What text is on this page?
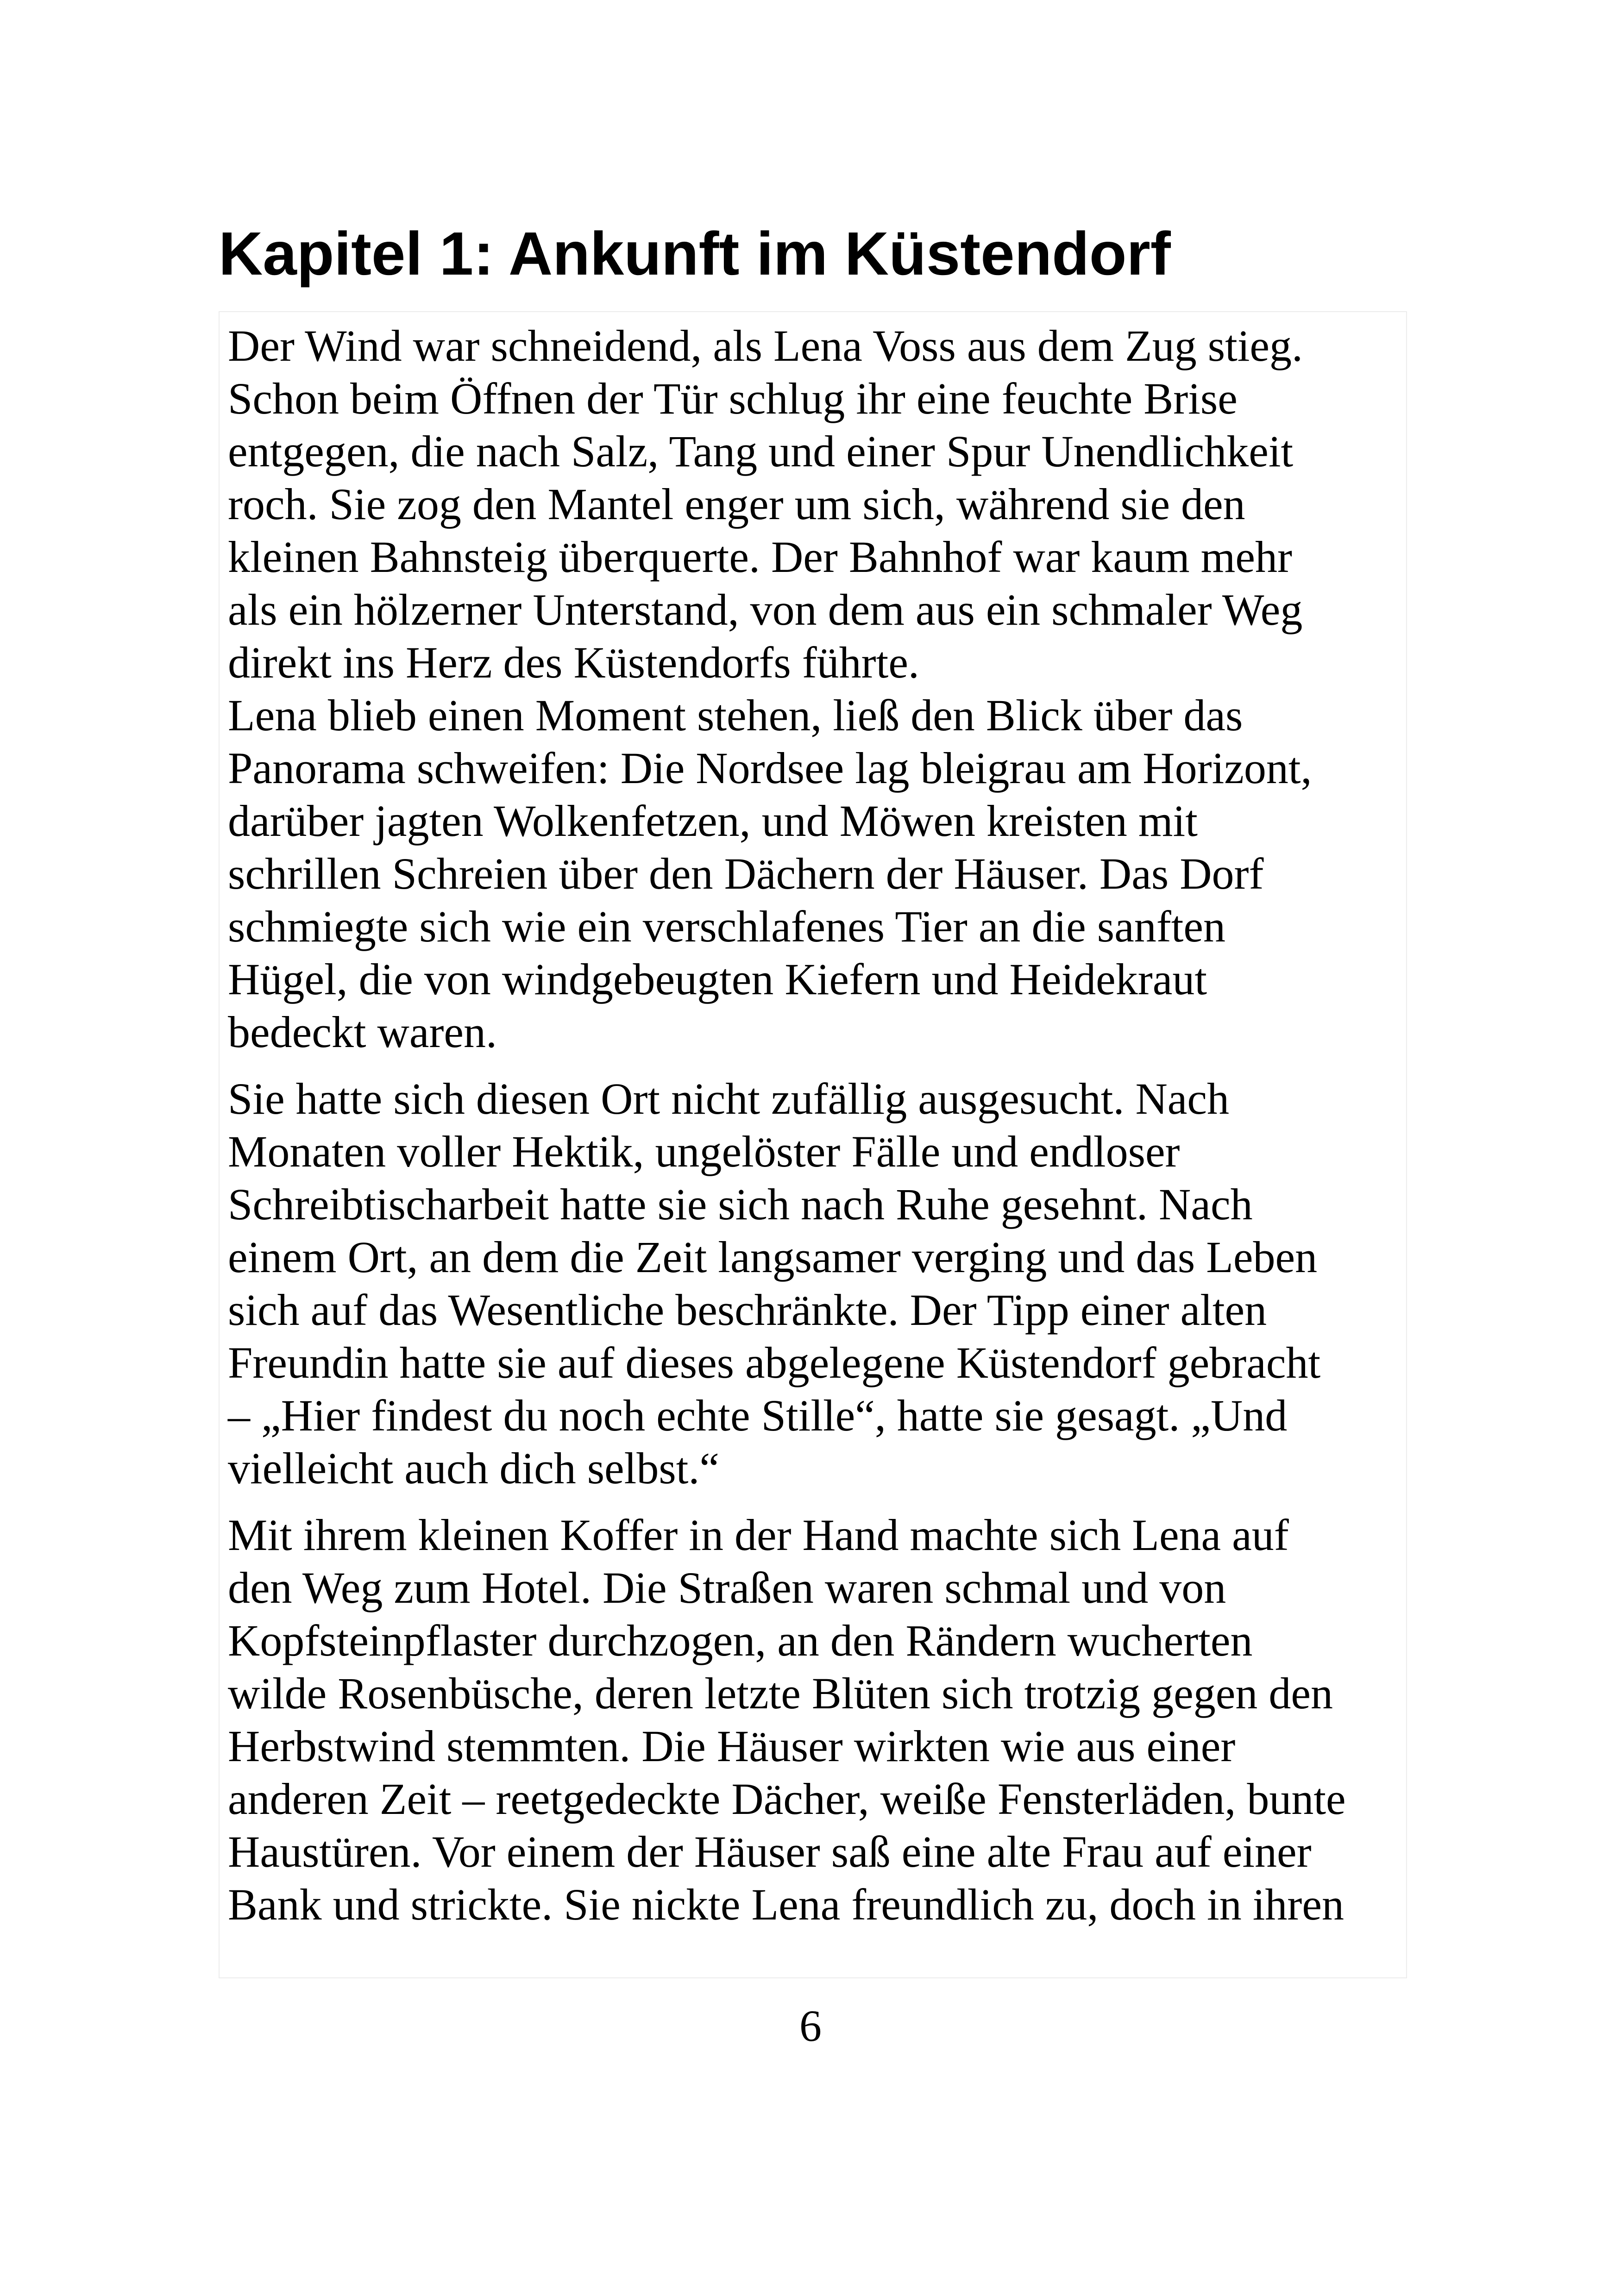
Kapitel 1: Ankunft im Küstendorf
Der Wind war schneidend, als Lena Voss aus dem Zug stieg.
Schon beim Öffnen der Tür schlug ihr eine feuchte Brise
entgegen, die nach Salz, Tang und einer Spur Unendlichkeit
roch. Sie zog den Mantel enger um sich, während sie den
kleinen Bahnsteig überquerte. Der Bahnhof war kaum mehr
als ein hölzerner Unterstand, von dem aus ein schmaler Weg
direkt ins Herz des Küstendorfs führte.
Lena blieb einen Moment stehen, ließ den Blick über das
Panorama schweifen: Die Nordsee lag bleigrau am Horizont,
darüber jagten Wolkenfetzen, und Möwen kreisten mit
schrillen Schreien über den Dächern der Häuser. Das Dorf
schmiegte sich wie ein verschlafenes Tier an die sanften
Hügel, die von windgebeugten Kiefern und Heidekraut
bedeckt waren.
Sie hatte sich diesen Ort nicht zufällig ausgesucht. Nach
Monaten voller Hektik, ungelöster Fälle und endloser
Schreibtischarbeit hatte sie sich nach Ruhe gesehnt. Nach
einem Ort, an dem die Zeit langsamer verging und das Leben
sich auf das Wesentliche beschränkte. Der Tipp einer alten
Freundin hatte sie auf dieses abgelegene Küstendorf gebracht
– „Hier findest du noch echte Stille“, hatte sie gesagt. „Und
vielleicht auch dich selbst.“
Mit ihrem kleinen Koffer in der Hand machte sich Lena auf
den Weg zum Hotel. Die Straßen waren schmal und von
Kopfsteinpflaster durchzogen, an den Rändern wucherten
wilde Rosenbüsche, deren letzte Blüten sich trotzig gegen den
Herbstwind stemmten. Die Häuser wirkten wie aus einer
anderen Zeit – reetgedeckte Dächer, weiße Fensterläden, bunte
Haustüren. Vor einem der Häuser saß eine alte Frau auf einer
Bank und strickte. Sie nickte Lena freundlich zu, doch in ihren
6
